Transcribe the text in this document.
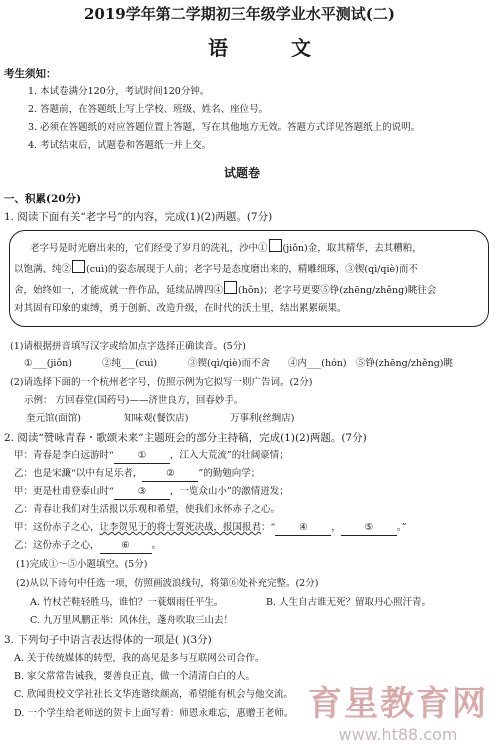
2019学年第二学期初三年级学业水平测试(二)
语 文
考生须知：
1. 本试卷满分120分，考试时间120分钟。
2. 答题前，在答题纸上写上学校、班级、姓名、座位号。
3. 必须在答题纸的对应答题位置上答题，写在其他地方无效。答题方式详见答题纸上的说明。
4. 考试结束后，试题卷和答题纸一并上交。
试题卷
一、积累(20分)
1. 阅读下面有关“老字号”的内容，完成(1)(2)两题。(7分)
老字号是时光磨出来的，它们经受了岁月的洗礼，沙中① (jiǒn)金，取其精华，去其糟粕，
以饱满、纯② (cuì)的姿态展现于人前；老字号是态度磨出来的，精雕细琢，③锲(qì/qiè)而不
舍，始终如一，才能成就一件作品，延续品牌四④ (hǒn)；老字号更要⑤铮(zhēng/zhěng)眺往会
对其固有印象的束缚，勇于创新、改造升级，在时代的沃土里，结出累累硕果。
(1)请根据拼音填写汉字或给加点字选择正确读音。(5分)
①___(jiǒn)	②纯___(cuì)	③锲(qì/qiè)而不舍 ④内___(hón) ⑤铮(zhēng/zhěng)眺
(2)请选择下面的一个杭州老字号，仿照示例为它拟写一则广告词。(2分)
示例： 方回春堂(国药号)——济世良方，回春妙手。
奎元馆(面馆)	知味观(餐饮店)	万事利(丝绸店)
2. 阅读“赞咏青春・歌颂未来”主题班会的部分主持稿，完成(1)(2)两题。(7分)
甲：青春是李白远游时“ ① ，江入大荒流”的壮阔豪情；
乙：也是宋濂“以中有足乐者， ② ”的勤勉向学；
甲：更是杜甫登泰山时“ ③ ，一览众山小”的激情迸发；
乙：青春让我们对生活报以乐观和希望，使我们永怀赤子之心。
甲：这份赤子之心，让李贺见于的将士誓死决战，报国报君：“ ④ ， ⑤ 。”
乙：这份赤子之心， ⑥ 。
(1)完成①～⑤小题填空。(5分)
(2)从以下诗句中任选一项，仿照画波浪线句，将第⑥处补充完整。(2分)
A. 竹杖芒鞋轻胜马，谁怕？一蓑烟雨任平生。	B. 人生自古谁无死？留取丹心照汗青。
C. 九万里风鹏正举：风休住，蓬舟吹取三山去！
3. 下列句子中语言表达得体的一项是( )(3分)
A. 关于传统媒体的转型，我的高见是多与互联网公司合作。
B. 家父常常告诫我，要善良正直，做一个清清白白的人。
C. 欣闻贵校文学社社长文华连谐续颜高，希望能有机会与他交流。
D. 一个学生给老师送的贺卡上面写着：师恩永难忘，惠赠王老师。 育星教育网
www.ht88.com
